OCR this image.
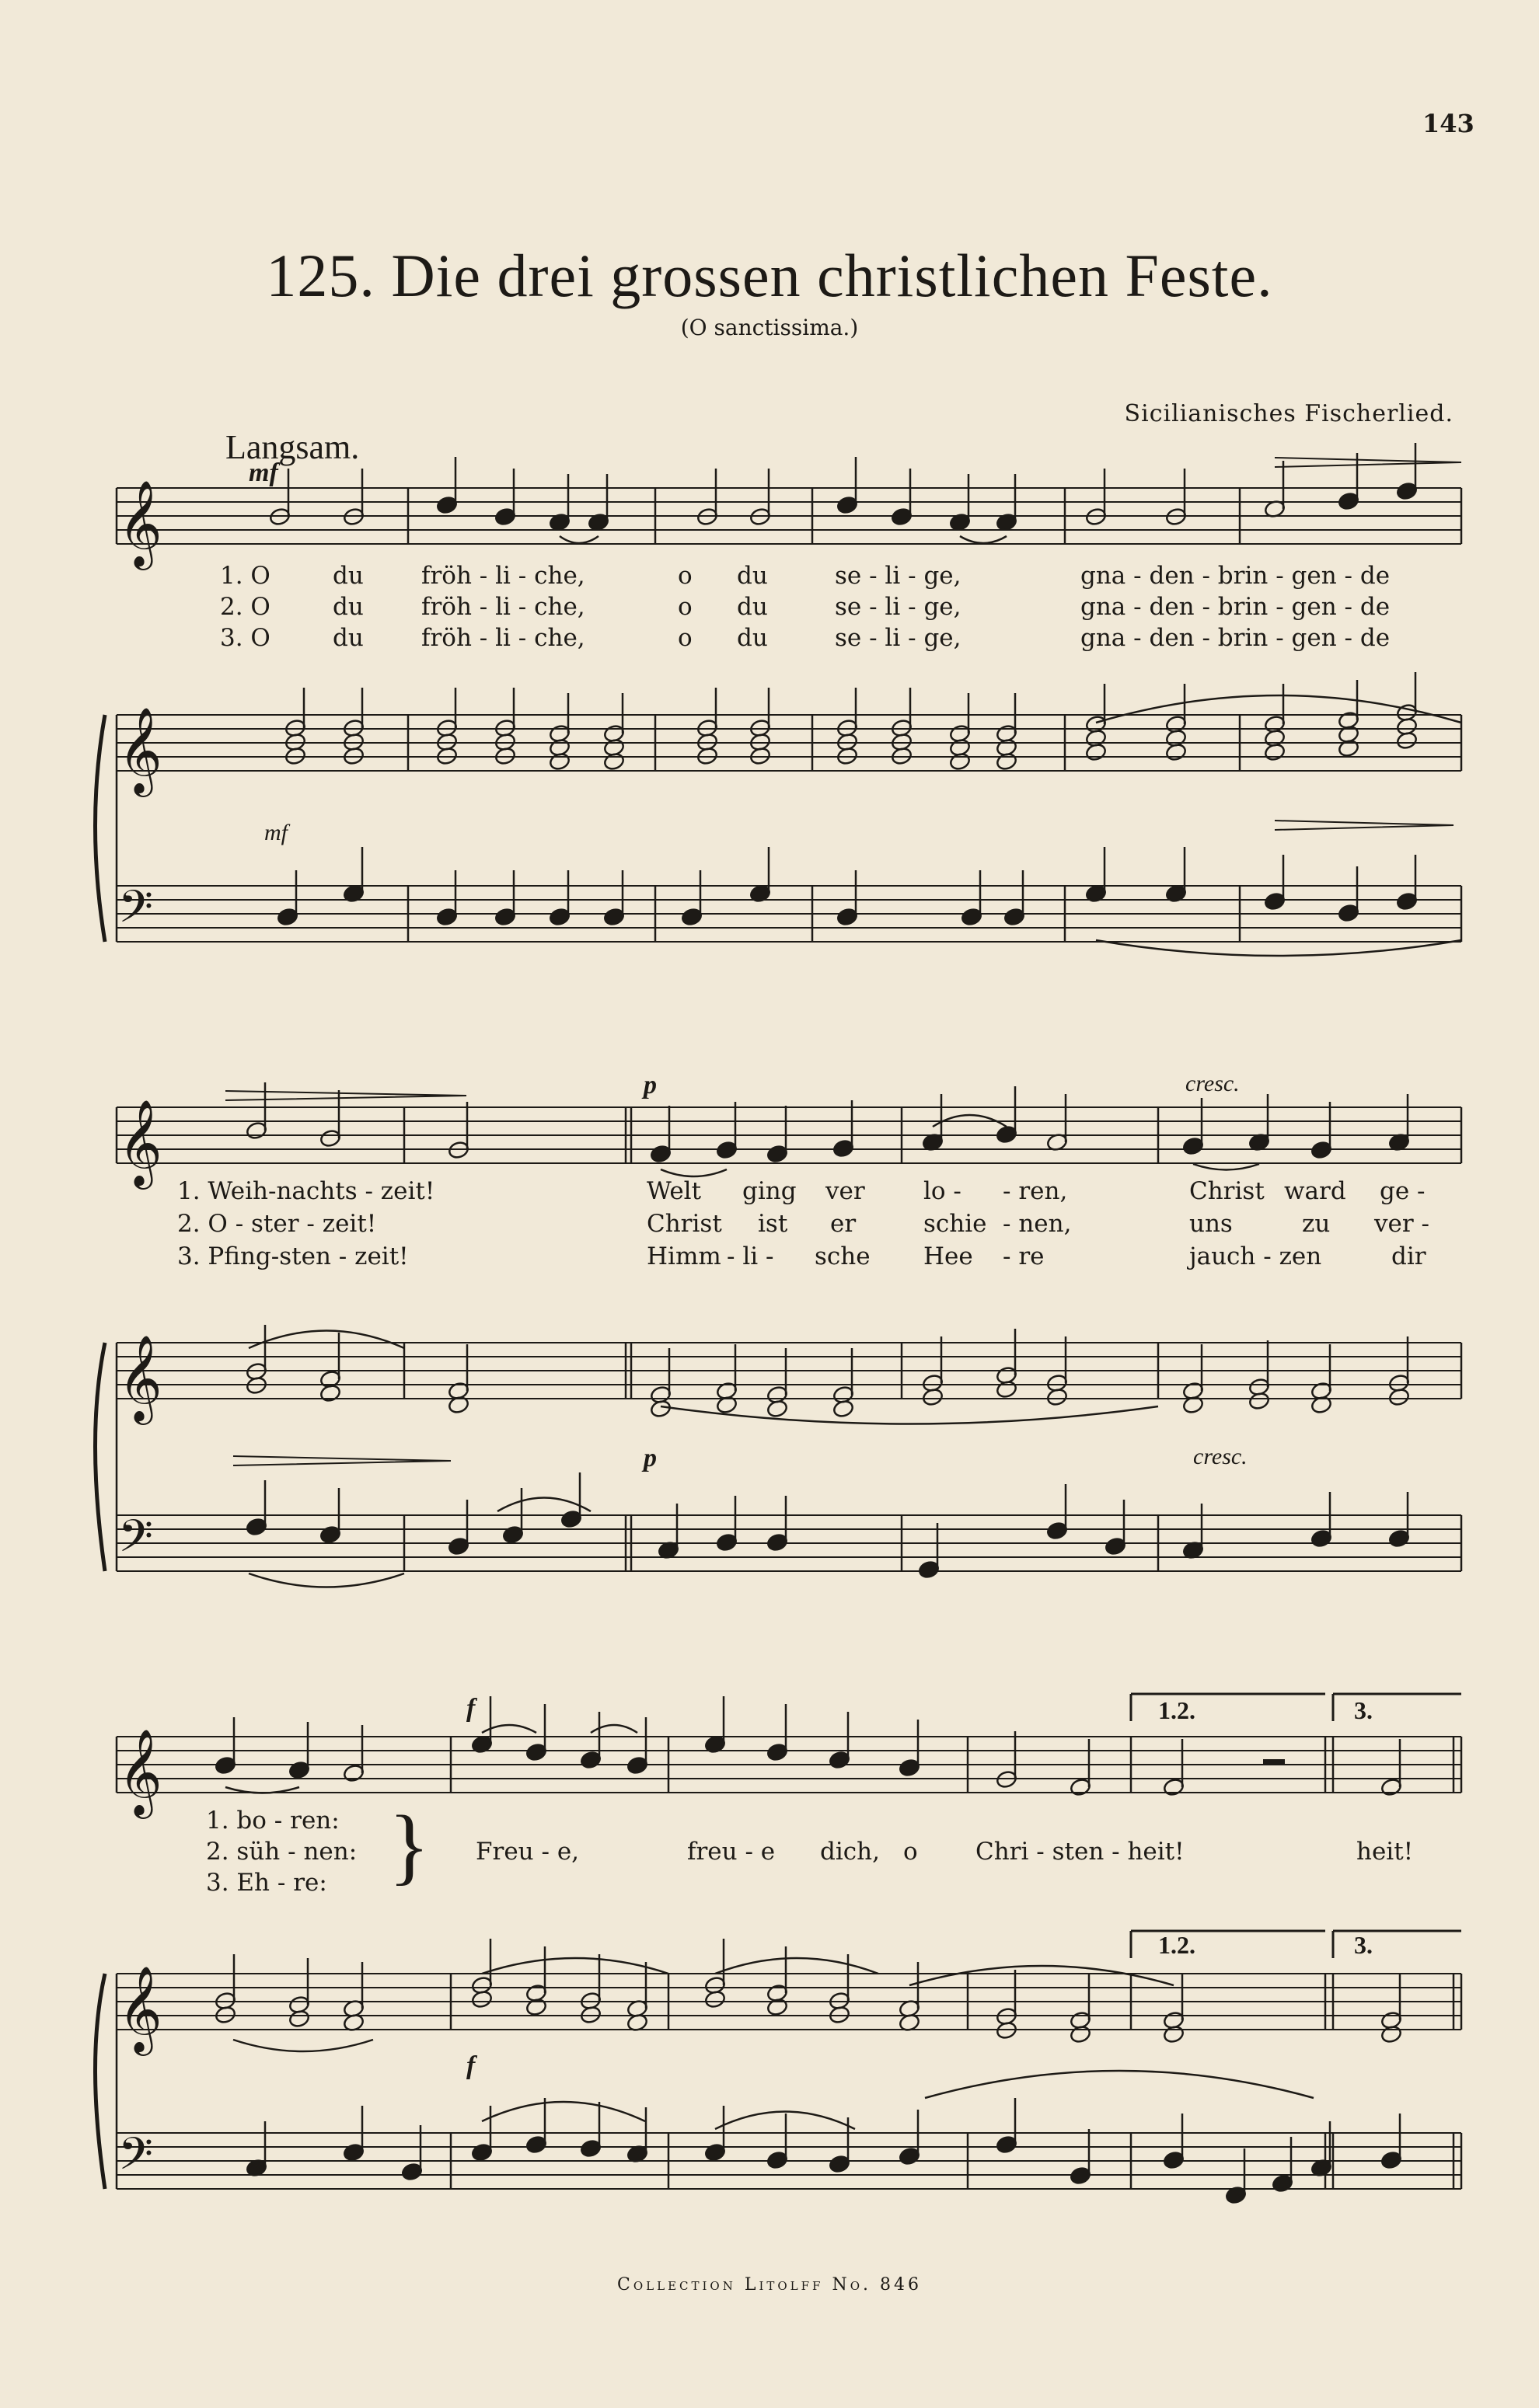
143
125. Die drei grossen christlichen Feste.
(O sanctissima.)
Sicilianisches Fischerlied.
Langsam.
𝄞
𝄞
𝄢
𝄞
𝄞
𝄢
𝄞
𝄞
𝄢
mf
mf
p	cresc.
p	cresc.
f
f
1. O	du fröh - li - che,	o du	se - li - ge,	gna - den - brin - gen - de
2. O	du fröh - li - che,	o du	se - li - ge,	gna - den - brin - gen - de
3. O	du fröh - li - che,	o du	se - li - ge,	gna - den - brin - gen - de
1. Weih-nachts - zeit!	Welt ging ver lo - - ren,	Christ ward ge -
2. O - ster - zeit!	Christ ist er	schie - nen,	uns	zu ver -
3. Pfing-sten - zeit!	Himm - li - sche Hee - re	jauch - zen	dir
1. bo - ren:
2. süh - nen:
3. Eh - re: } Freu - e,	freu - e dich, o Chri - sten - heit!	heit!
1.2.	3.
1.2.	3.
Collection Litolff No. 846
